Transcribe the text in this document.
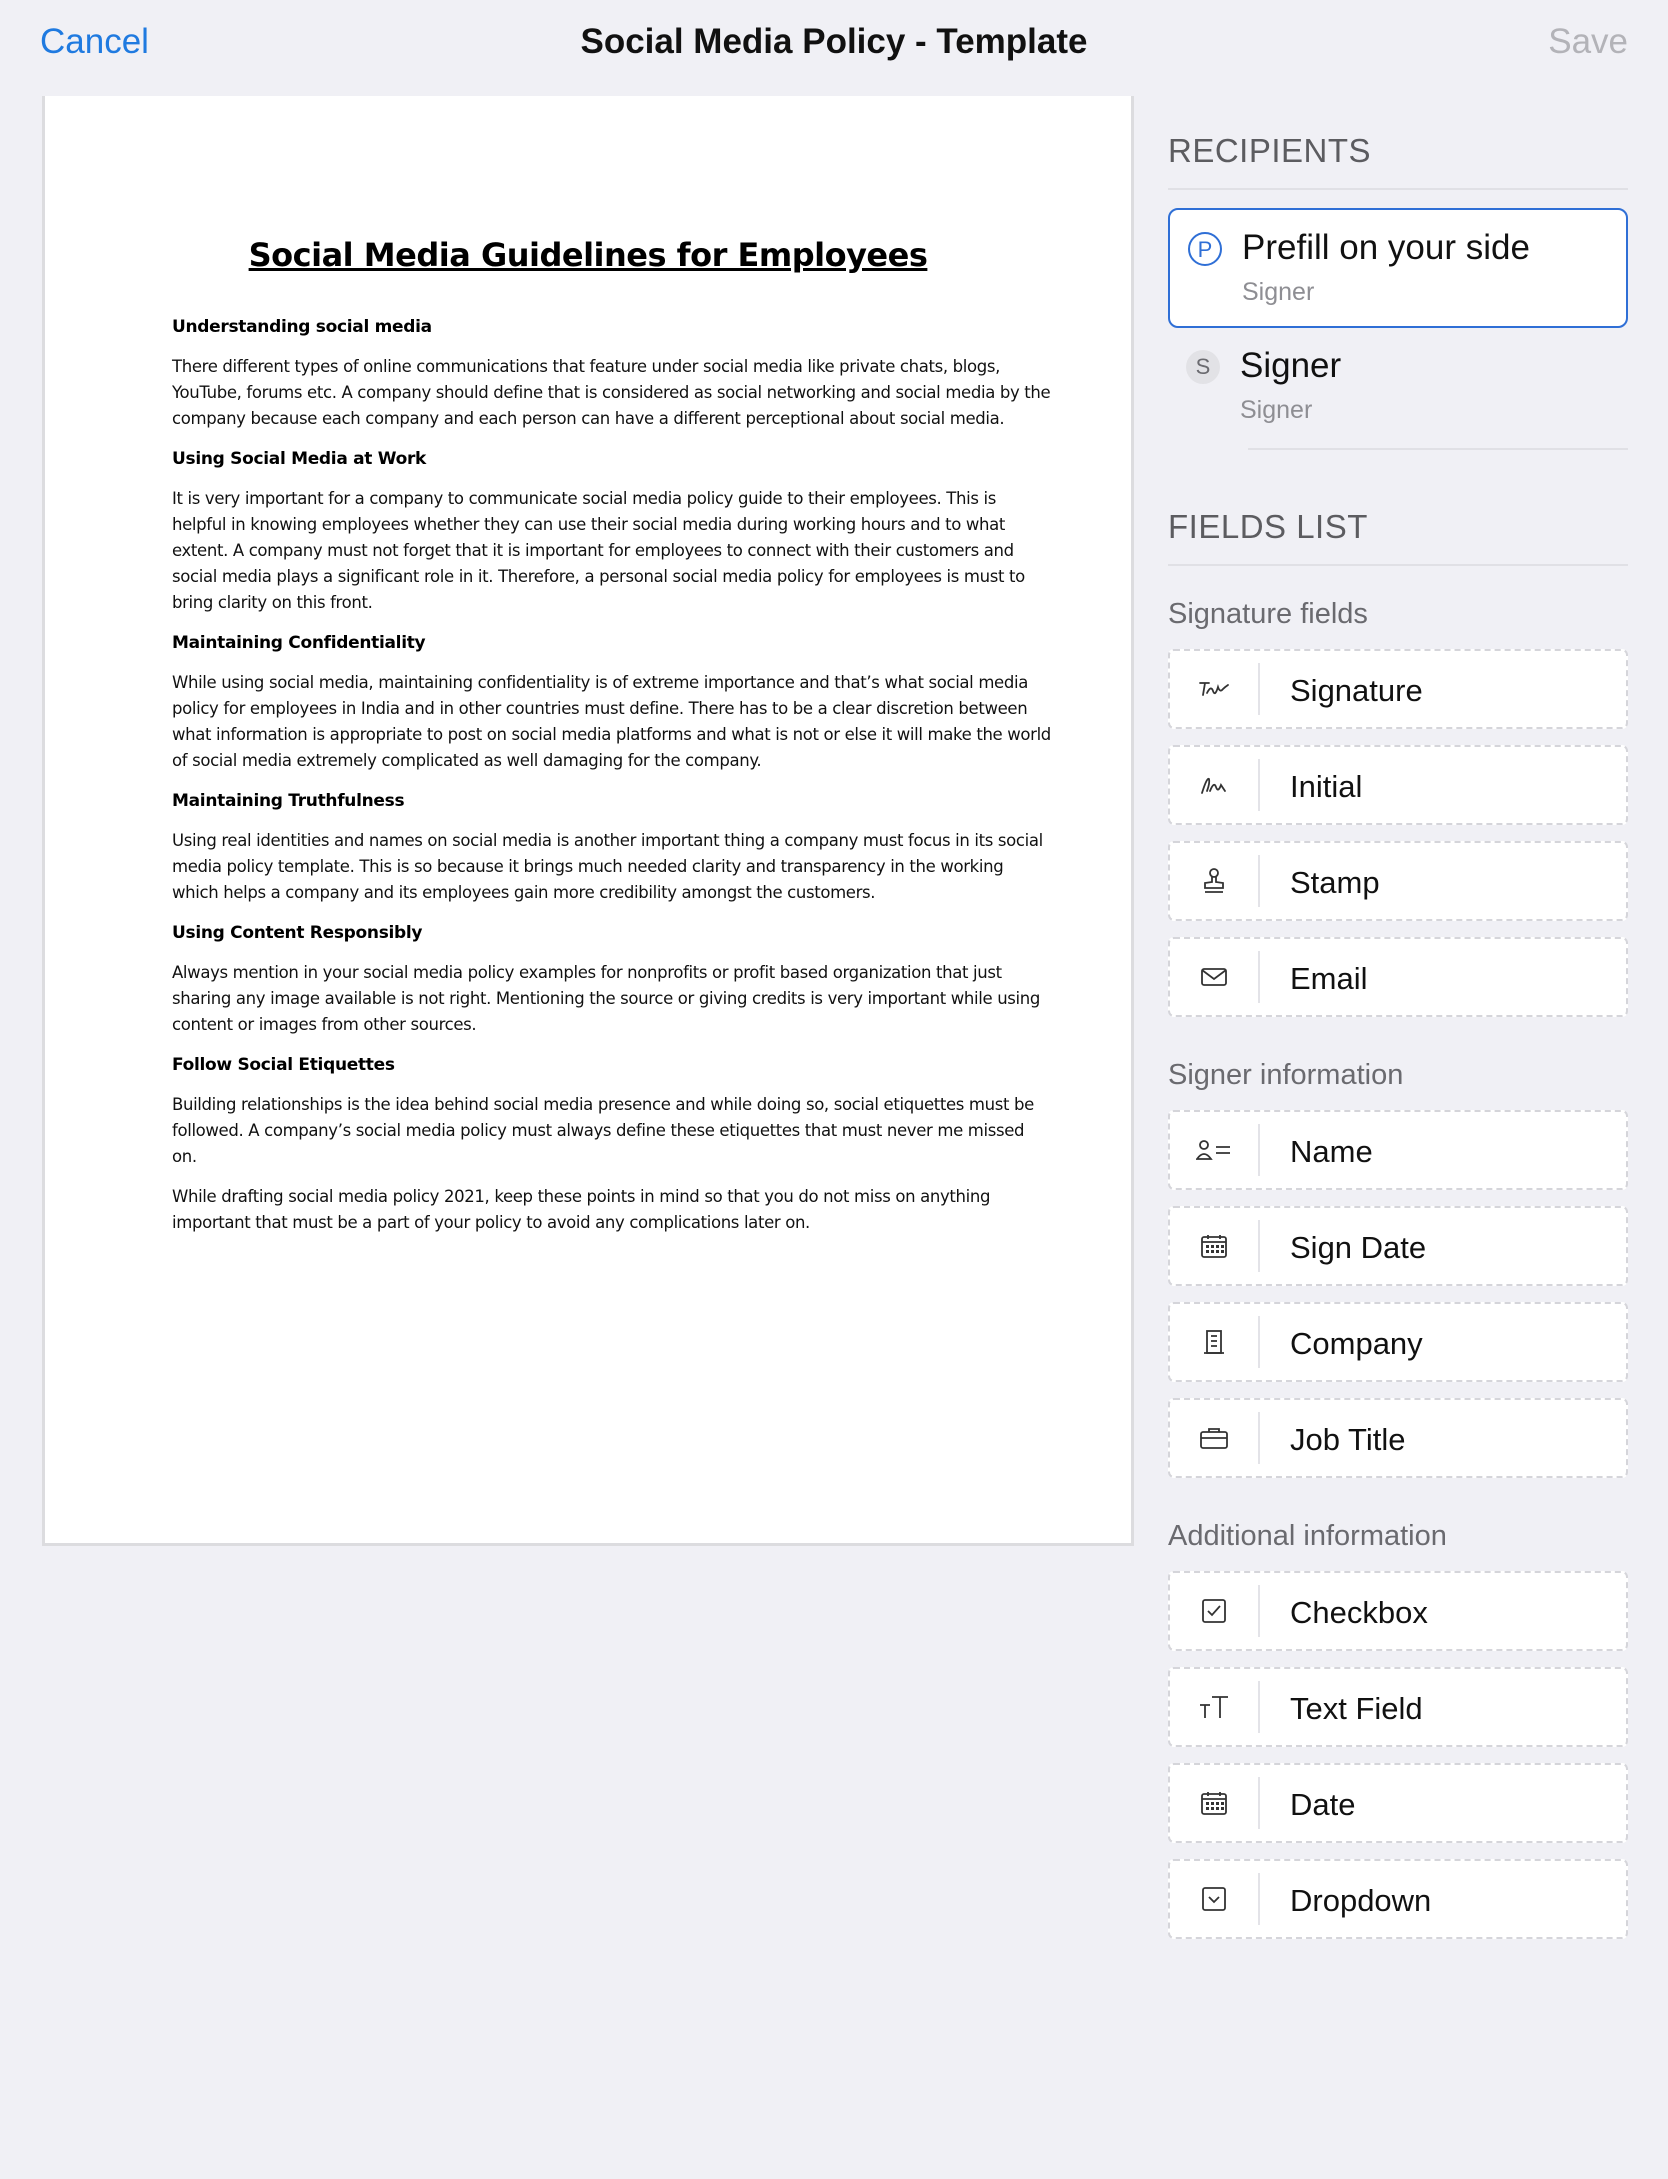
Cancel	Social Media Policy - Template	Save
Social Media Guidelines for Employees
Understanding social media
There different types of online communications that feature under social media like private chats, blogs, YouTube, forums etc. A company should define that is considered as social networking and social media by the company because each company and each person can have a different perceptional about social media.
Using Social Media at Work
It is very important for a company to communicate social media policy guide to their employees. This is helpful in knowing employees whether they can use their social media during working hours and to what extent. A company must not forget that it is important for employees to connect with their customers and social media plays a significant role in it. Therefore, a personal social media policy for employees is must to bring clarity on this front.
Maintaining Confidentiality
While using social media, maintaining confidentiality is of extreme importance and that’s what social media policy for employees in India and in other countries must define. There has to be a clear discretion between what information is appropriate to post on social media platforms and what is not or else it will make the world of social media extremely complicated as well damaging for the company.
Maintaining Truthfulness
Using real identities and names on social media is another important thing a company must focus in its social media policy template. This is so because it brings much needed clarity and transparency in the working which helps a company and its employees gain more credibility amongst the customers.
Using Content Responsibly
Always mention in your social media policy examples for nonprofits or profit based organization that just sharing any image available is not right. Mentioning the source or giving credits is very important while using content or images from other sources.
Follow Social Etiquettes
Building relationships is the idea behind social media presence and while doing so, social etiquettes must be followed. A company’s social media policy must always define these etiquettes that must never me missed on.
While drafting social media policy 2021, keep these points in mind so that you do not miss on anything important that must be a part of your policy to avoid any complications later on.
RECIPIENTS
P Prefill on your side
Signer
S Signer
Signer
FIELDS LIST
Signature fields
Signature
Initial
Stamp
Email
Signer information
Name
Sign Date
Company
Job Title
Additional information
Checkbox
Text Field
Date
Dropdown
